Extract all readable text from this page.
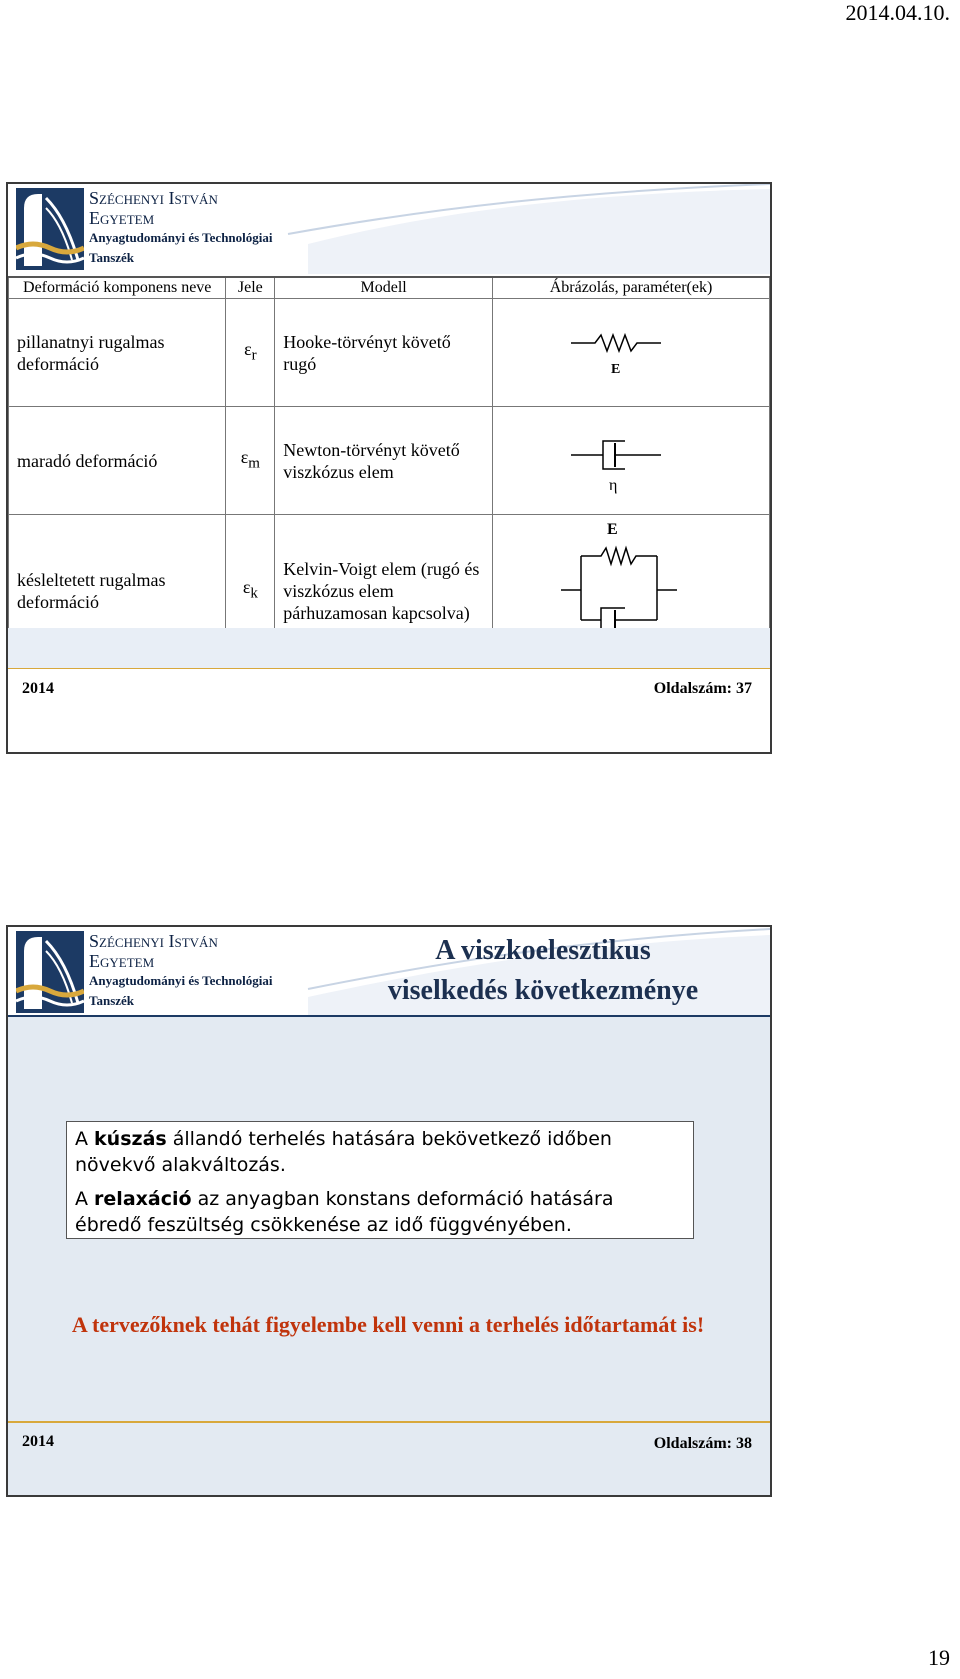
2014.04.10.
Széchenyi István
Egyetem
Anyagtudományi és Technológiai
Tanszék
Deformáció komponens neve	Jele	Modell	Ábrázolás, paraméter(ek)
pillanatnyi rugalmas deformáció	$\varepsilon_r$	Hooke-törvényt követő rugó	E

maradó deformáció	$\varepsilon_m$	Newton-törvényt követő viszkózus elem	η

késleltetett rugalmas deformáció	$\varepsilon_k$	Kelvin-Voigt elem (rugó és viszkózus elem párhuzamosan kapcsolva)	E
2014	Oldalszám: 37
Széchenyi István
Egyetem
Anyagtudományi és Technológiai
Tanszék
A viszkoelesztikus
viselkedés következménye

A kúszás állandó terhelés hatására bekövetkező időben növekvő alakváltozás.

A relaxáció az anyagban konstans deformáció hatására ébredő feszültség csökkenése az idő függvényében.

A tervezőknek tehát figyelembe kell venni a terhelés időtartamát is!
2014	Oldalszám: 38
19
